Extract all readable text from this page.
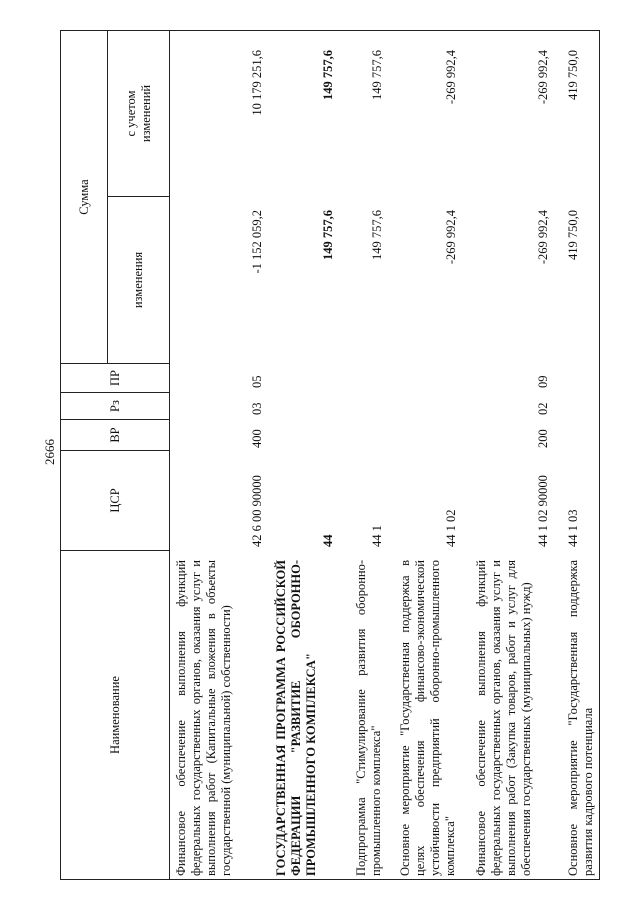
2666
Наименование
ЦСР
ВР
Рз
ПР
Сумма
изменения
с учетом изменений
Финансовое обеспечение выполнения функций федеральных государственных органов, оказания услуг и выполнения работ (Капитальные вложения в объекты государственной (муниципальной) собственности)
42 6 00 90000
400
03
05
-1 152 059,2
10 179 251,6
ГОСУДАРСТВЕННАЯ ПРОГРАММА РОССИЙСКОЙ ФЕДЕРАЦИИ "РАЗВИТИЕ ОБОРОННО-ПРОМЫШЛЕННОГО КОМПЛЕКСА"
44
149 757,6
149 757,6
Подпрограмма "Стимулирование развития оборонно-промышленного комплекса"
44 1
149 757,6
149 757,6
Основное мероприятие "Государственная поддержка в целях обеспечения финансово-экономической устойчивости предприятий оборонно-промышленного комплекса"
44 1 02
-269 992,4
-269 992,4
Финансовое обеспечение выполнения функций федеральных государственных органов, оказания услуг и выполнения работ (Закупка товаров, работ и услуг для обеспечения государственных (муниципальных) нужд)
44 1 02 90000
200
02
09
-269 992,4
-269 992,4
Основное мероприятие "Государственная поддержка развития кадрового потенциала
44 1 03
419 750,0
419 750,0
